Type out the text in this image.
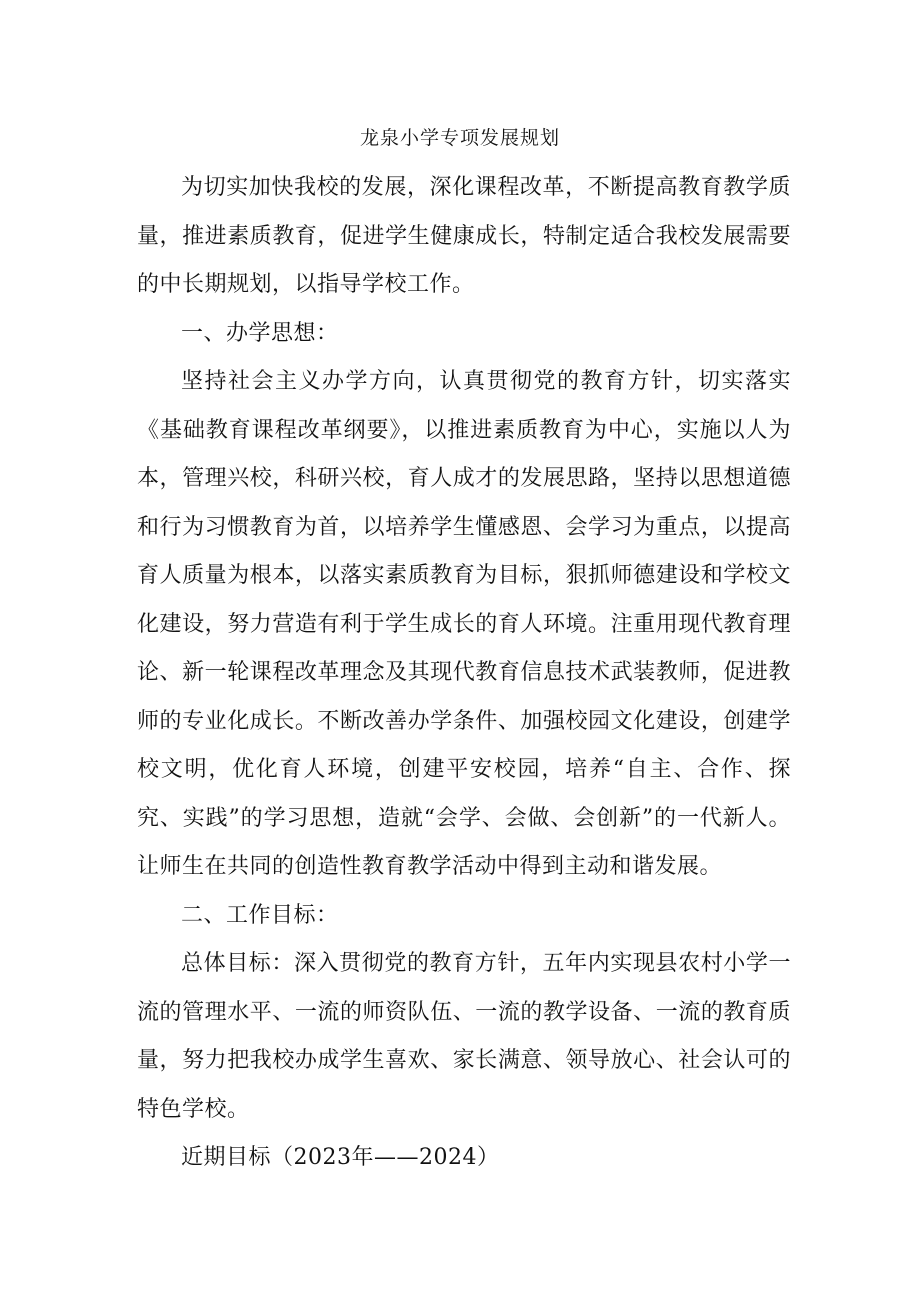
龙泉小学专项发展规划

为切实加快我校的发展，深化课程改革，不断提高教育教学质量，推进素质教育，促进学生健康成长，特制定适合我校发展需要的中长期规划，以指导学校工作。

一、办学思想：

坚持社会主义办学方向，认真贯彻党的教育方针，切实落实《基础教育课程改革纲要》，以推进素质教育为中心，实施以人为本，管理兴校，科研兴校，育人成才的发展思路，坚持以思想道德和行为习惯教育为首，以培养学生懂感恩、会学习为重点，以提高育人质量为根本，以落实素质教育为目标，狠抓师德建设和学校文化建设，努力营造有利于学生成长的育人环境。注重用现代教育理论、新一轮课程改革理念及其现代教育信息技术武装教师，促进教师的专业化成长。不断改善办学条件、加强校园文化建设，创建学校文明，优化育人环境，创建平安校园，培养“自主、合作、探究、实践”的学习思想，造就“会学、会做、会创新”的一代新人。让师生在共同的创造性教育教学活动中得到主动和谐发展。

二、工作目标：

总体目标：深入贯彻党的教育方针，五年内实现县农村小学一流的管理水平、一流的师资队伍、一流的教学设备、一流的教育质量，努力把我校办成学生喜欢、家长满意、领导放心、社会认可的特色学校。

近期目标（2023年——2024）
